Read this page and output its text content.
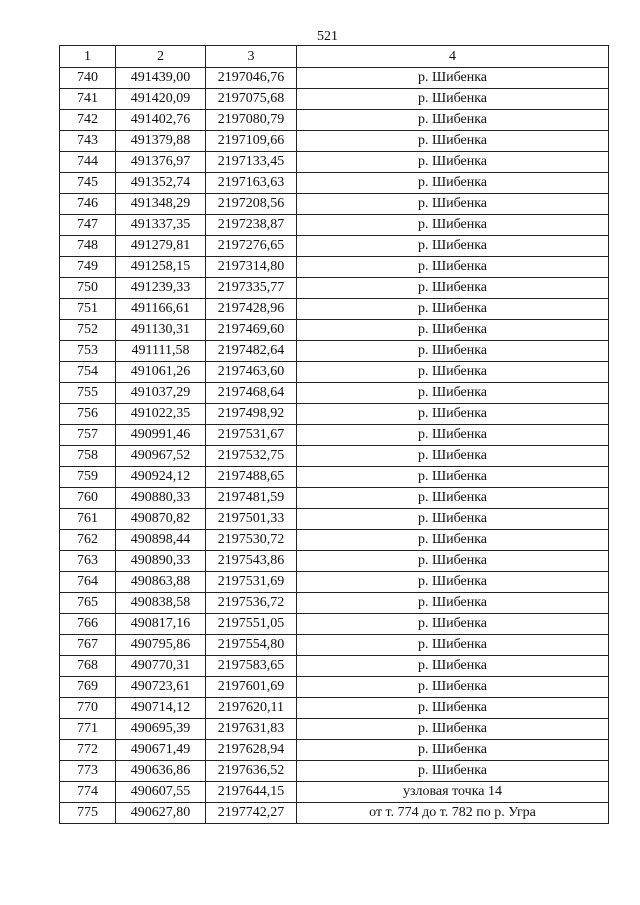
521
1	2	3	4
740	491439,00	2197046,76	р. Шибенка
741	491420,09	2197075,68	р. Шибенка
742	491402,76	2197080,79	р. Шибенка
743	491379,88	2197109,66	р. Шибенка
744	491376,97	2197133,45	р. Шибенка
745	491352,74	2197163,63	р. Шибенка
746	491348,29	2197208,56	р. Шибенка
747	491337,35	2197238,87	р. Шибенка
748	491279,81	2197276,65	р. Шибенка
749	491258,15	2197314,80	р. Шибенка
750	491239,33	2197335,77	р. Шибенка
751	491166,61	2197428,96	р. Шибенка
752	491130,31	2197469,60	р. Шибенка
753	491111,58	2197482,64	р. Шибенка
754	491061,26	2197463,60	р. Шибенка
755	491037,29	2197468,64	р. Шибенка
756	491022,35	2197498,92	р. Шибенка
757	490991,46	2197531,67	р. Шибенка
758	490967,52	2197532,75	р. Шибенка
759	490924,12	2197488,65	р. Шибенка
760	490880,33	2197481,59	р. Шибенка
761	490870,82	2197501,33	р. Шибенка
762	490898,44	2197530,72	р. Шибенка
763	490890,33	2197543,86	р. Шибенка
764	490863,88	2197531,69	р. Шибенка
765	490838,58	2197536,72	р. Шибенка
766	490817,16	2197551,05	р. Шибенка
767	490795,86	2197554,80	р. Шибенка
768	490770,31	2197583,65	р. Шибенка
769	490723,61	2197601,69	р. Шибенка
770	490714,12	2197620,11	р. Шибенка
771	490695,39	2197631,83	р. Шибенка
772	490671,49	2197628,94	р. Шибенка
773	490636,86	2197636,52	р. Шибенка
774	490607,55	2197644,15	узловая точка 14
775	490627,80	2197742,27	от т. 774 до т. 782 по р. Угра
